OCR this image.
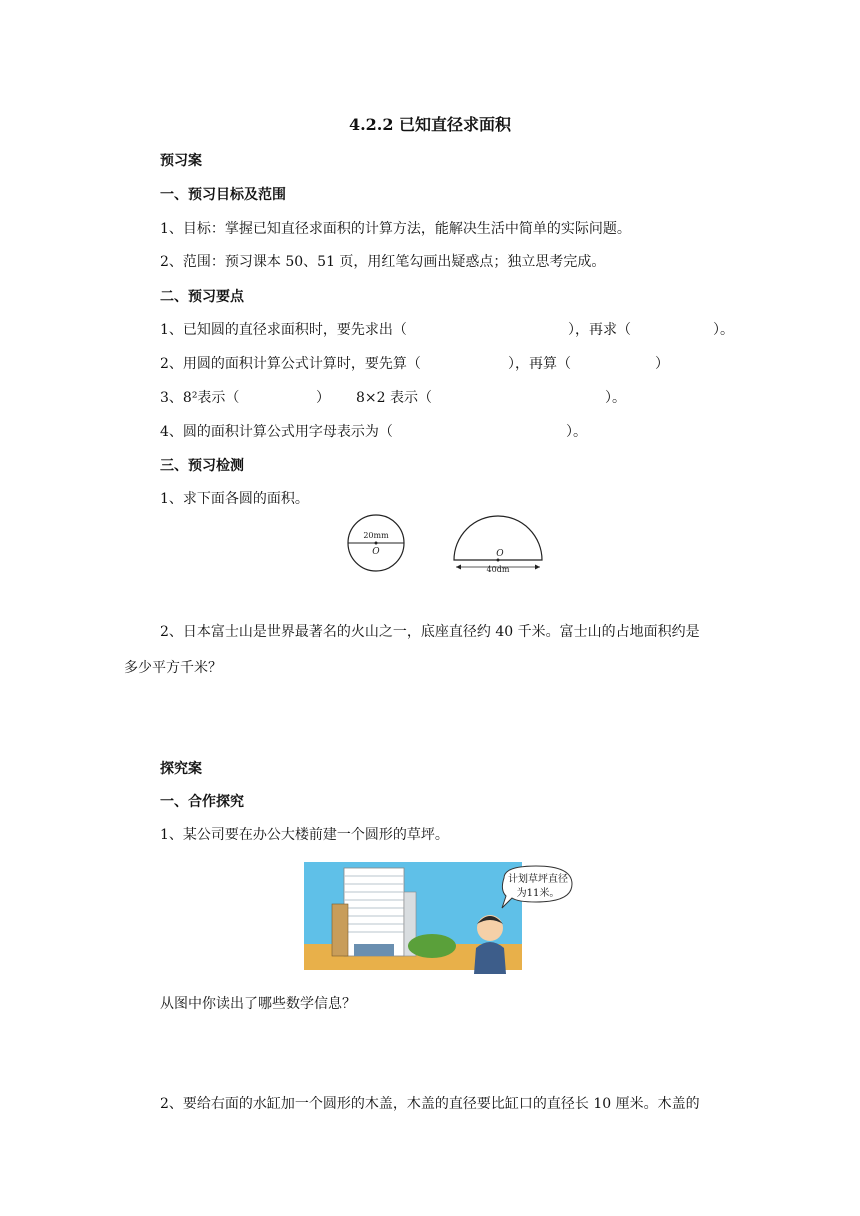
4.2.2 已知直径求面积
预习案
一、预习目标及范围
1、目标：掌握已知直径求面积的计算方法，能解决生活中简单的实际问题。
2、范围：预习课本 50、51 页，用红笔勾画出疑惑点；独立思考完成。
二、预习要点
1、已知圆的直径求面积时，要先求出（	），再求（	）。
2、用圆的面积计算公式计算时，要先算（	），再算（	）
3、8²表示（	） 8×2 表示（	）。
4、圆的面积计算公式用字母表示为（	）。
三、预习检测
1、求下面各圆的面积。
20mm
O	O
40dm
2、日本富士山是世界最著名的火山之一，底座直径约 40 千米。富士山的占地面积约是
多少平方千米？
探究案
一、合作探究
1、某公司要在办公大楼前建一个圆形的草坪。
计划草坪直径
为11米。
从图中你读出了哪些数学信息？
2、要给右面的水缸加一个圆形的木盖，木盖的直径要比缸口的直径长 10 厘米。木盖的
